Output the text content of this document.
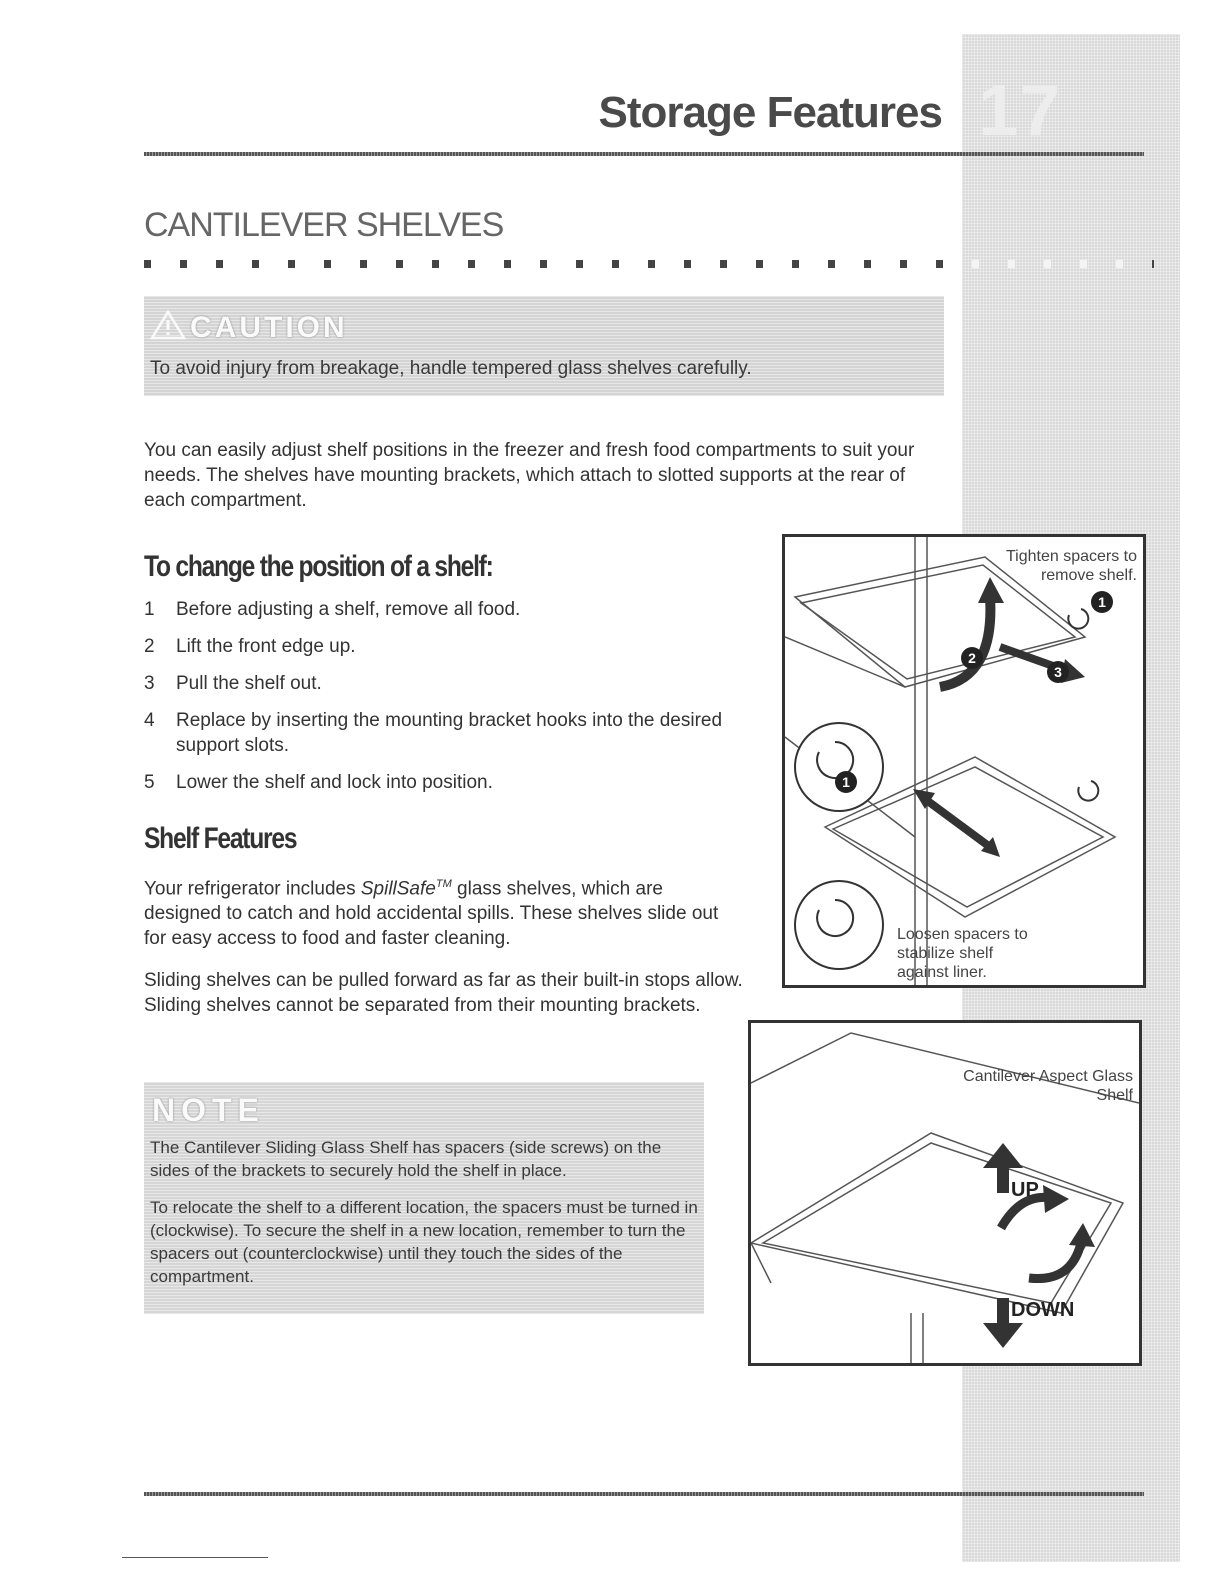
Storage Features 17
CANTILEVER SHELVES
CAUTION
To avoid injury from breakage, handle tempered glass shelves carefully.

You can easily adjust shelf positions in the freezer and fresh food compartments to suit your needs. The shelves have mounting brackets, which attach to slotted supports at the rear of each compartment.

To change the position of a shelf:
1	Before adjusting a shelf, remove all food.
2	Lift the front edge up.
3	Pull the shelf out.
4	Replace by inserting the mounting bracket hooks into the desired support slots.
5	Lower the shelf and lock into position.
Shelf Features

Your refrigerator includes SpillSafe™ glass shelves, which are designed to catch and hold accidental spills. These shelves slide out for easy access to food and faster cleaning.

Sliding shelves can be pulled forward as far as their built-in stops allow. Sliding shelves cannot be separated from their mounting brackets.

NOTE

The Cantilever Sliding Glass Shelf has spacers (side screws) on the sides of the brackets to securely hold the shelf in place.

To relocate the shelf to a different location, the spacers must be turned in (clockwise). To secure the shelf in a new location, remember to turn the spacers out (counterclockwise) until they touch the sides of the compartment.

Tighten spacers to remove shelf.
Loosen spacers to stabilize shelf against liner.
1
1
2
3
Cantilever Aspect Glass Shelf
UP
DOWN
